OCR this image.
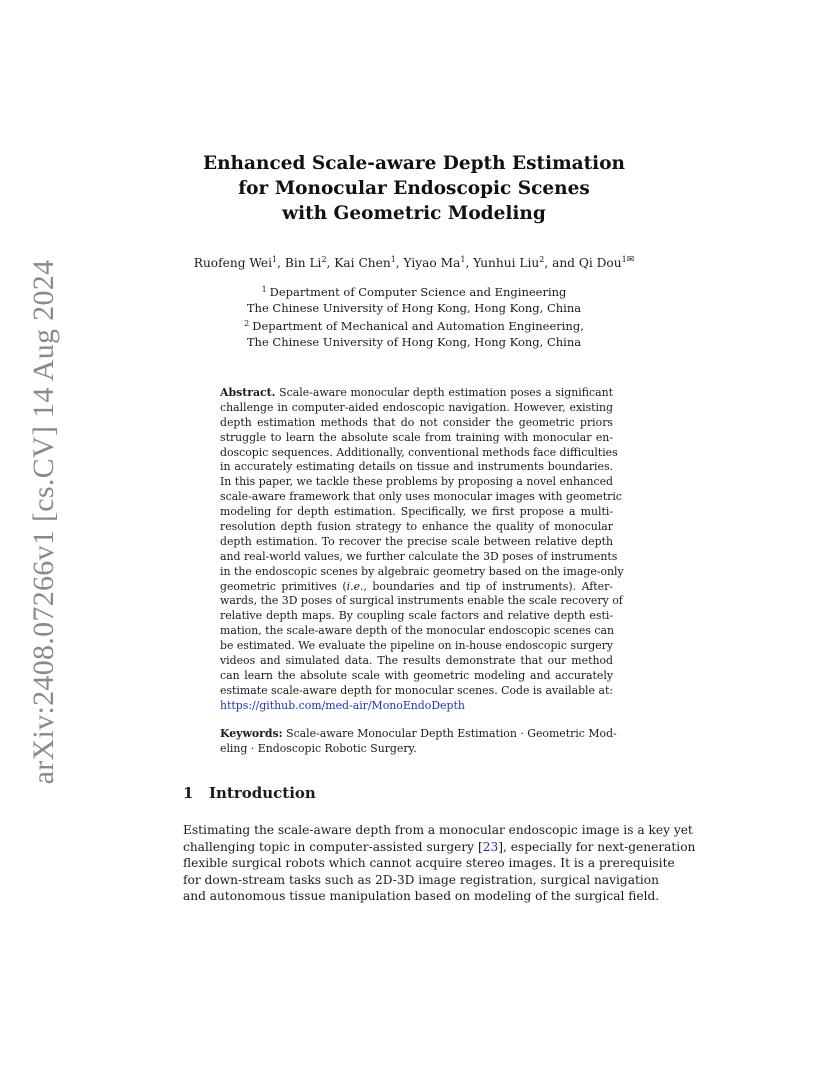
arXiv:2408.07266v1 [cs.CV] 14 Aug 2024
Enhanced Scale-aware Depth Estimation
for Monocular Endoscopic Scenes
with Geometric Modeling
Ruofeng Wei$^1$, Bin Li$^2$, Kai Chen$^1$, Yiyao Ma$^1$, Yunhui Liu$^2$, and Qi Dou$^{1✉}$
$^1$ Department of Computer Science and Engineering
The Chinese University of Hong Kong, Hong Kong, China
$^2$ Department of Mechanical and Automation Engineering,
The Chinese University of Hong Kong, Hong Kong, China
Abstract. Scale-aware monocular depth estimation poses a significant
challenge in computer-aided endoscopic navigation. However, existing
depth estimation methods that do not consider the geometric priors
struggle to learn the absolute scale from training with monocular en-
doscopic sequences. Additionally, conventional methods face difficulties
in accurately estimating details on tissue and instruments boundaries.
In this paper, we tackle these problems by proposing a novel enhanced
scale-aware framework that only uses monocular images with geometric
modeling for depth estimation. Specifically, we first propose a multi-
resolution depth fusion strategy to enhance the quality of monocular
depth estimation. To recover the precise scale between relative depth
and real-world values, we further calculate the 3D poses of instruments
in the endoscopic scenes by algebraic geometry based on the image-only
geometric primitives (i.e., boundaries and tip of instruments). After-
wards, the 3D poses of surgical instruments enable the scale recovery of
relative depth maps. By coupling scale factors and relative depth esti-
mation, the scale-aware depth of the monocular endoscopic scenes can
be estimated. We evaluate the pipeline on in-house endoscopic surgery
videos and simulated data. The results demonstrate that our method
can learn the absolute scale with geometric modeling and accurately
estimate scale-aware depth for monocular scenes. Code is available at:
https://github.com/med-air/MonoEndoDepth
Keywords: Scale-aware Monocular Depth Estimation · Geometric Mod-
eling · Endoscopic Robotic Surgery.
1 Introduction
Estimating the scale-aware depth from a monocular endoscopic image is a key yet
challenging topic in computer-assisted surgery [23], especially for next-generation
flexible surgical robots which cannot acquire stereo images. It is a prerequisite
for down-stream tasks such as 2D-3D image registration, surgical navigation
and autonomous tissue manipulation based on modeling of the surgical field.
